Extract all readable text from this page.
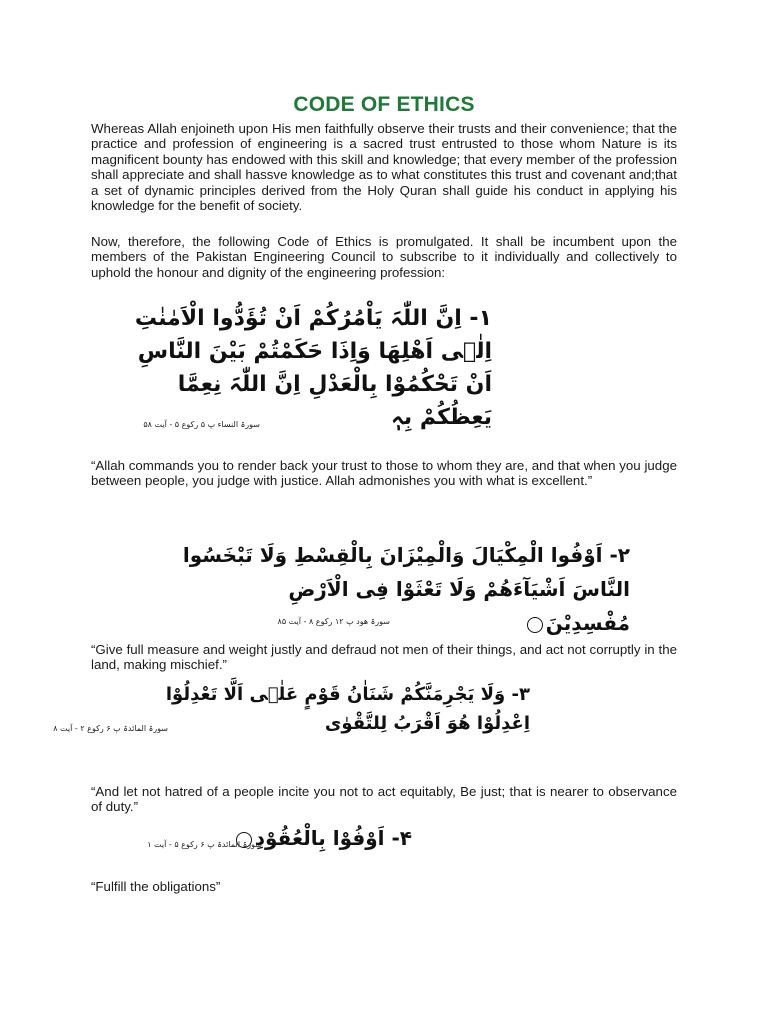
CODE OF ETHICS

Whereas Allah enjoineth upon His men faithfully observe their trusts and their convenience; that the practice and profession of engineering is a sacred trust entrusted to those whom Nature is its magnificent bounty has endowed with this skill and knowledge; that every member of the profession shall appreciate and shall hassve knowledge as to what constitutes this trust and covenant and;that a set of dynamic principles derived from the Holy Quran shall guide his conduct in applying his knowledge for the benefit of society.

Now, therefore, the following Code of Ethics is promulgated. It shall be incumbent upon the members of the Pakistan Engineering Council to subscribe to it individually and collectively to uphold the honour and dignity of the engineering profession:

۱- اِنَّ اللّٰہَ یَاْمُرُکُمْ اَنْ تُؤَدُّوا الْاَمٰنٰتِ
اِلٰۤی اَھْلِھَا وَاِذَا حَکَمْتُمْ بَیْنَ النَّاسِ
اَنْ تَحْکُمُوْا بِالْعَدْلِ اِنَّ اللّٰہَ نِعِمَّا
یَعِظُکُمْ بِہٖ
سورۃ النساء پ ۵ رکوع ۵ - آیت ۵۸

“Allah commands you to render back your trust to those to whom they are, and that when you judge between people, you judge with justice. Allah admonishes you with what is excellent.”

۲- اَوْفُوا الْمِکْیَالَ وَالْمِیْزَانَ بِالْقِسْطِ وَلَا تَبْخَسُوا
النَّاسَ اَشْیَآءَھُمْ وَلَا تَعْثَوْا فِی الْاَرْضِ
مُفْسِدِیْنَ
سورۃ ھود پ ۱۲ رکوع ۸ - آیت ۸۵

“Give full measure and weight justly and defraud not men of their things, and act not corruptly in the land, making mischief.”

۳- وَلَا یَجْرِمَنَّکُمْ شَنَاٰنُ قَوْمٍ عَلٰۤی اَلَّا تَعْدِلُوْا
اِعْدِلُوْا ھُوَ اَقْرَبُ لِلتَّقْوٰی
سورۃ المائدۃ پ ۶ رکوع ۲ - آیت ۸

“And let not hatred of a people incite you not to act equitably, Be just; that is nearer to observance of duty.”

۴- اَوْفُوْا بِالْعُقُوْدِ
سورۃ المائدۃ پ ۶ رکوع ۵ - آیت ۱

“Fulfill the obligations”
